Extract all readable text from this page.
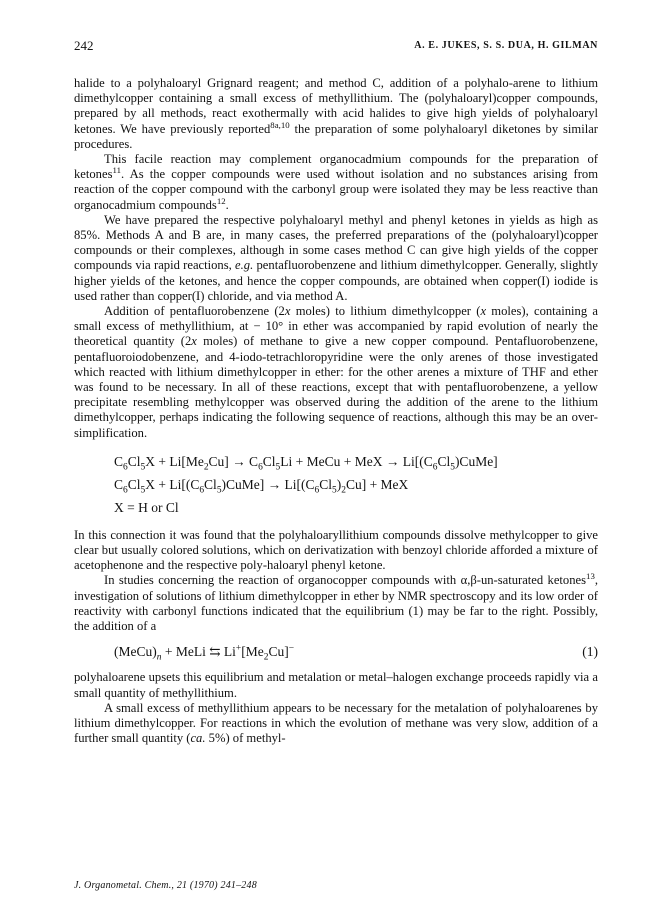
242	A. E. JUKES, S. S. DUA, H. GILMAN

halide to a polyhaloaryl Grignard reagent; and method C, addition of a polyhalo-arene to lithium dimethylcopper containing a small excess of methyllithium. The (polyhaloaryl)copper compounds, prepared by all methods, react exothermally with acid halides to give high yields of polyhaloaryl ketones. We have previously reported$^{8a,10}$ the preparation of some polyhaloaryl diketones by similar procedures.

This facile reaction may complement organocadmium compounds for the preparation of ketones$^{11}$. As the copper compounds were used without isolation and no substances arising from reaction of the copper compound with the carbonyl group were isolated they may be less reactive than organocadmium compounds$^{12}$.

We have prepared the respective polyhaloaryl methyl and phenyl ketones in yields as high as 85%. Methods A and B are, in many cases, the preferred preparations of the (polyhaloaryl)copper compounds or their complexes, although in some cases method C can give high yields of the copper compounds via rapid reactions, e.g. pentafluorobenzene and lithium dimethylcopper. Generally, slightly higher yields of the ketones, and hence the copper compounds, are obtained when copper(I) iodide is used rather than copper(I) chloride, and via method A.

Addition of pentafluorobenzene (2x moles) to lithium dimethylcopper (x moles), containing a small excess of methyllithium, at − 10° in ether was accompanied by rapid evolution of nearly the theoretical quantity (2x moles) of methane to give a new copper compound. Pentafluorobenzene, pentafluoroiodobenzene, and 4-iodo-tetrachloropyridine were the only arenes of those investigated which reacted with lithium dimethylcopper in ether: for the other arenes a mixture of THF and ether was found to be necessary. In all of these reactions, except that with pentafluorobenzene, a yellow precipitate resembling methylcopper was observed during the addition of the arene to the lithium dimethylcopper, perhaps indicating the following sequence of reactions, although this may be an over-simplification.

$C_6Cl_5X + Li[Me_2Cu] \to C_6Cl_5Li$ + MeCu + MeX → $Li[(C_6Cl_5)CuMe]$
$C_6Cl_5X$ + $Li[(C_6Cl_5)CuMe] \to Li[(C_6Cl_5)_2Cu]$ + MeX
X = H or Cl

In this connection it was found that the polyhaloaryllithium compounds dissolve methylcopper to give clear but usually colored solutions, which on derivatization with benzoyl chloride afforded a mixture of acetophenone and the respective poly-haloaryl phenyl ketone.

In studies concerning the reaction of organocopper compounds with α,β-un-saturated ketones$^{13}$, investigation of solutions of lithium dimethylcopper in ether by NMR spectroscopy and its low order of reactivity with carbonyl functions indicated that the equilibrium (1) may be far to the right. Possibly, the addition of a

$(MeCu)_n$ + MeLi ⇆ $Li^+[Me_2Cu]^-$	(1)

polyhaloarene upsets this equilibrium and metalation or metal–halogen exchange proceeds rapidly via a small quantity of methyllithium.

A small excess of methyllithium appears to be necessary for the metalation of polyhaloarenes by lithium dimethylcopper. For reactions in which the evolution of methane was very slow, addition of a further small quantity (ca. 5%) of methyl-

J. Organometal. Chem., 21 (1970) 241–248
